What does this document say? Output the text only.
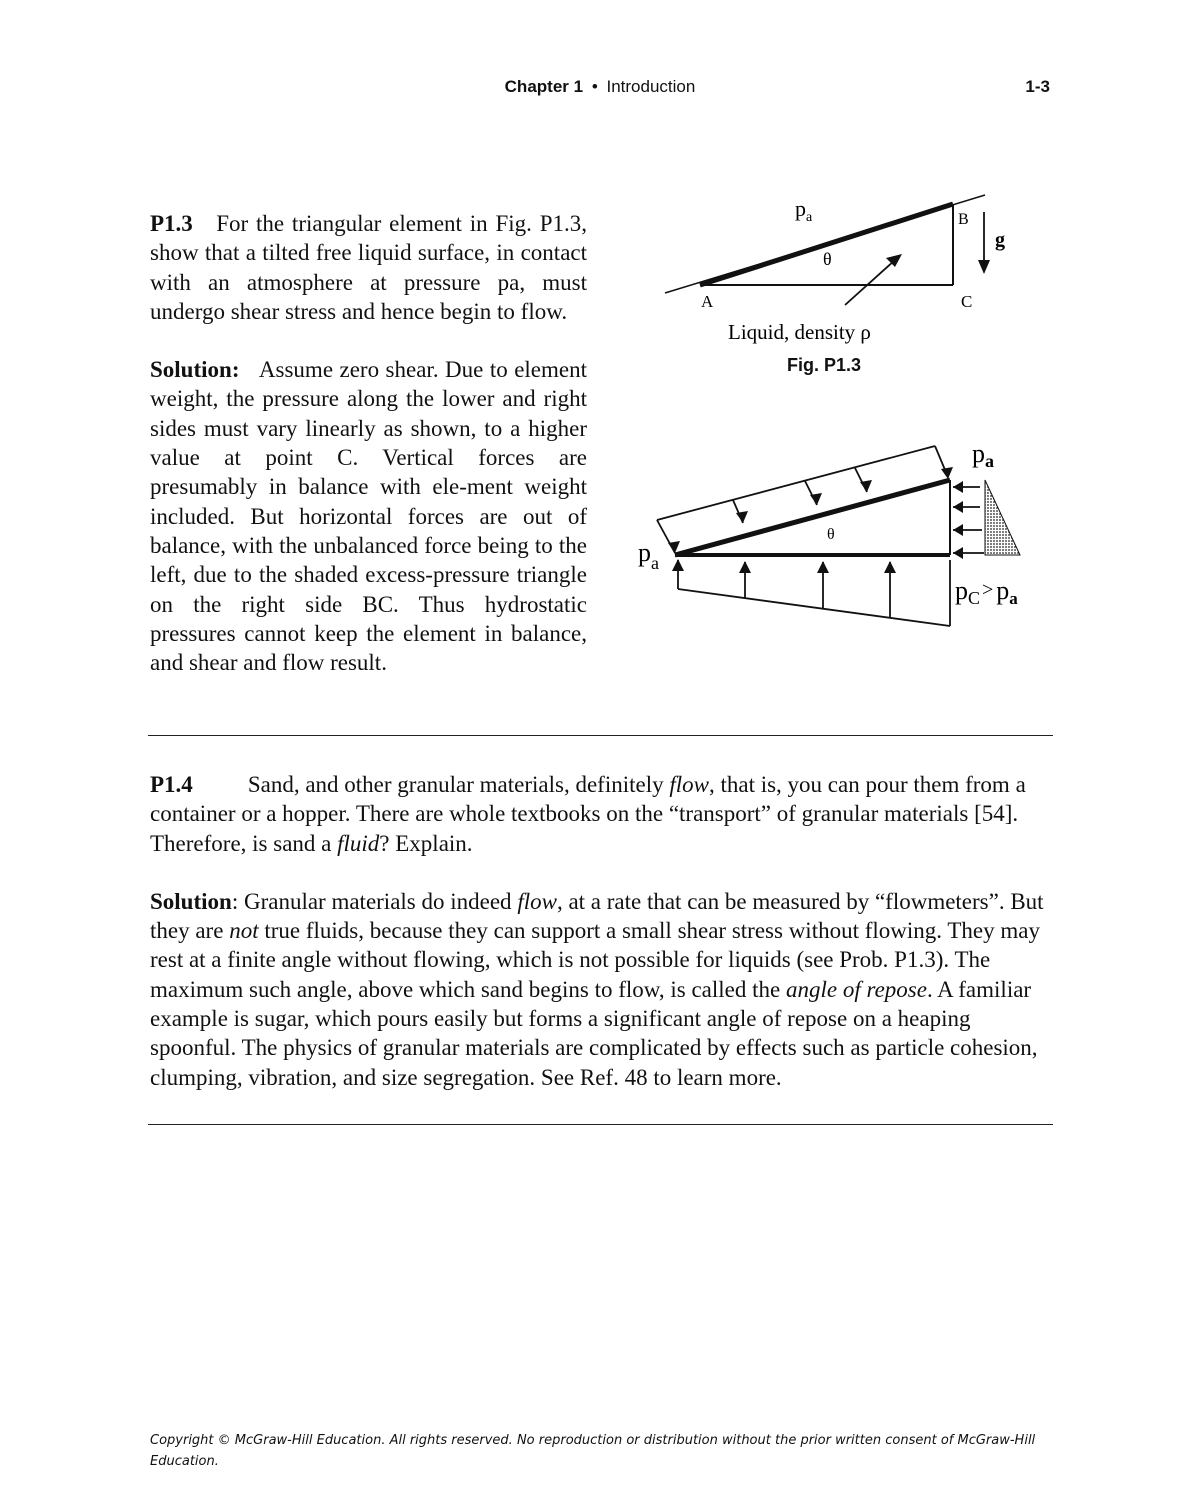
Chapter 1 • Introduction	1-3

P1.3 For the triangular element in Fig. P1.3, show that a tilted free liquid surface, in contact with an atmosphere at pressure pa, must undergo shear stress and hence begin to flow.

Solution: Assume zero shear. Due to element weight, the pressure along the lower and right sides must vary linearly as shown, to a higher value at point C. Vertical forces are presumably in balance with ele-ment weight included. But horizontal forces are out of balance, with the unbalanced force being to the left, due to the shaded excess-pressure triangle on the right side BC. Thus hydrostatic pressures cannot keep the element in balance, and shear and flow result.

$p_a$
θ
B
g
A	C
Liquid, density ρ
Fig. P1.3
θ
pa
$p_a$
pC > pa

P1.4 Sand, and other granular materials, definitely flow, that is, you can pour them from a container or a hopper. There are whole textbooks on the “transport” of granular materials [54]. Therefore, is sand a fluid? Explain.

Solution: Granular materials do indeed flow, at a rate that can be measured by “flowmeters”. But they are not true fluids, because they can support a small shear stress without flowing. They may rest at a finite angle without flowing, which is not possible for liquids (see Prob. P1.3). The maximum such angle, above which sand begins to flow, is called the angle of repose. A familiar example is sugar, which pours easily but forms a significant angle of repose on a heaping spoonful. The physics of granular materials are complicated by effects such as particle cohesion, clumping, vibration, and size segregation. See Ref. 48 to learn more.

Copyright © McGraw-Hill Education. All rights reserved. No reproduction or distribution without the prior written consent of McGraw-Hill Education.
